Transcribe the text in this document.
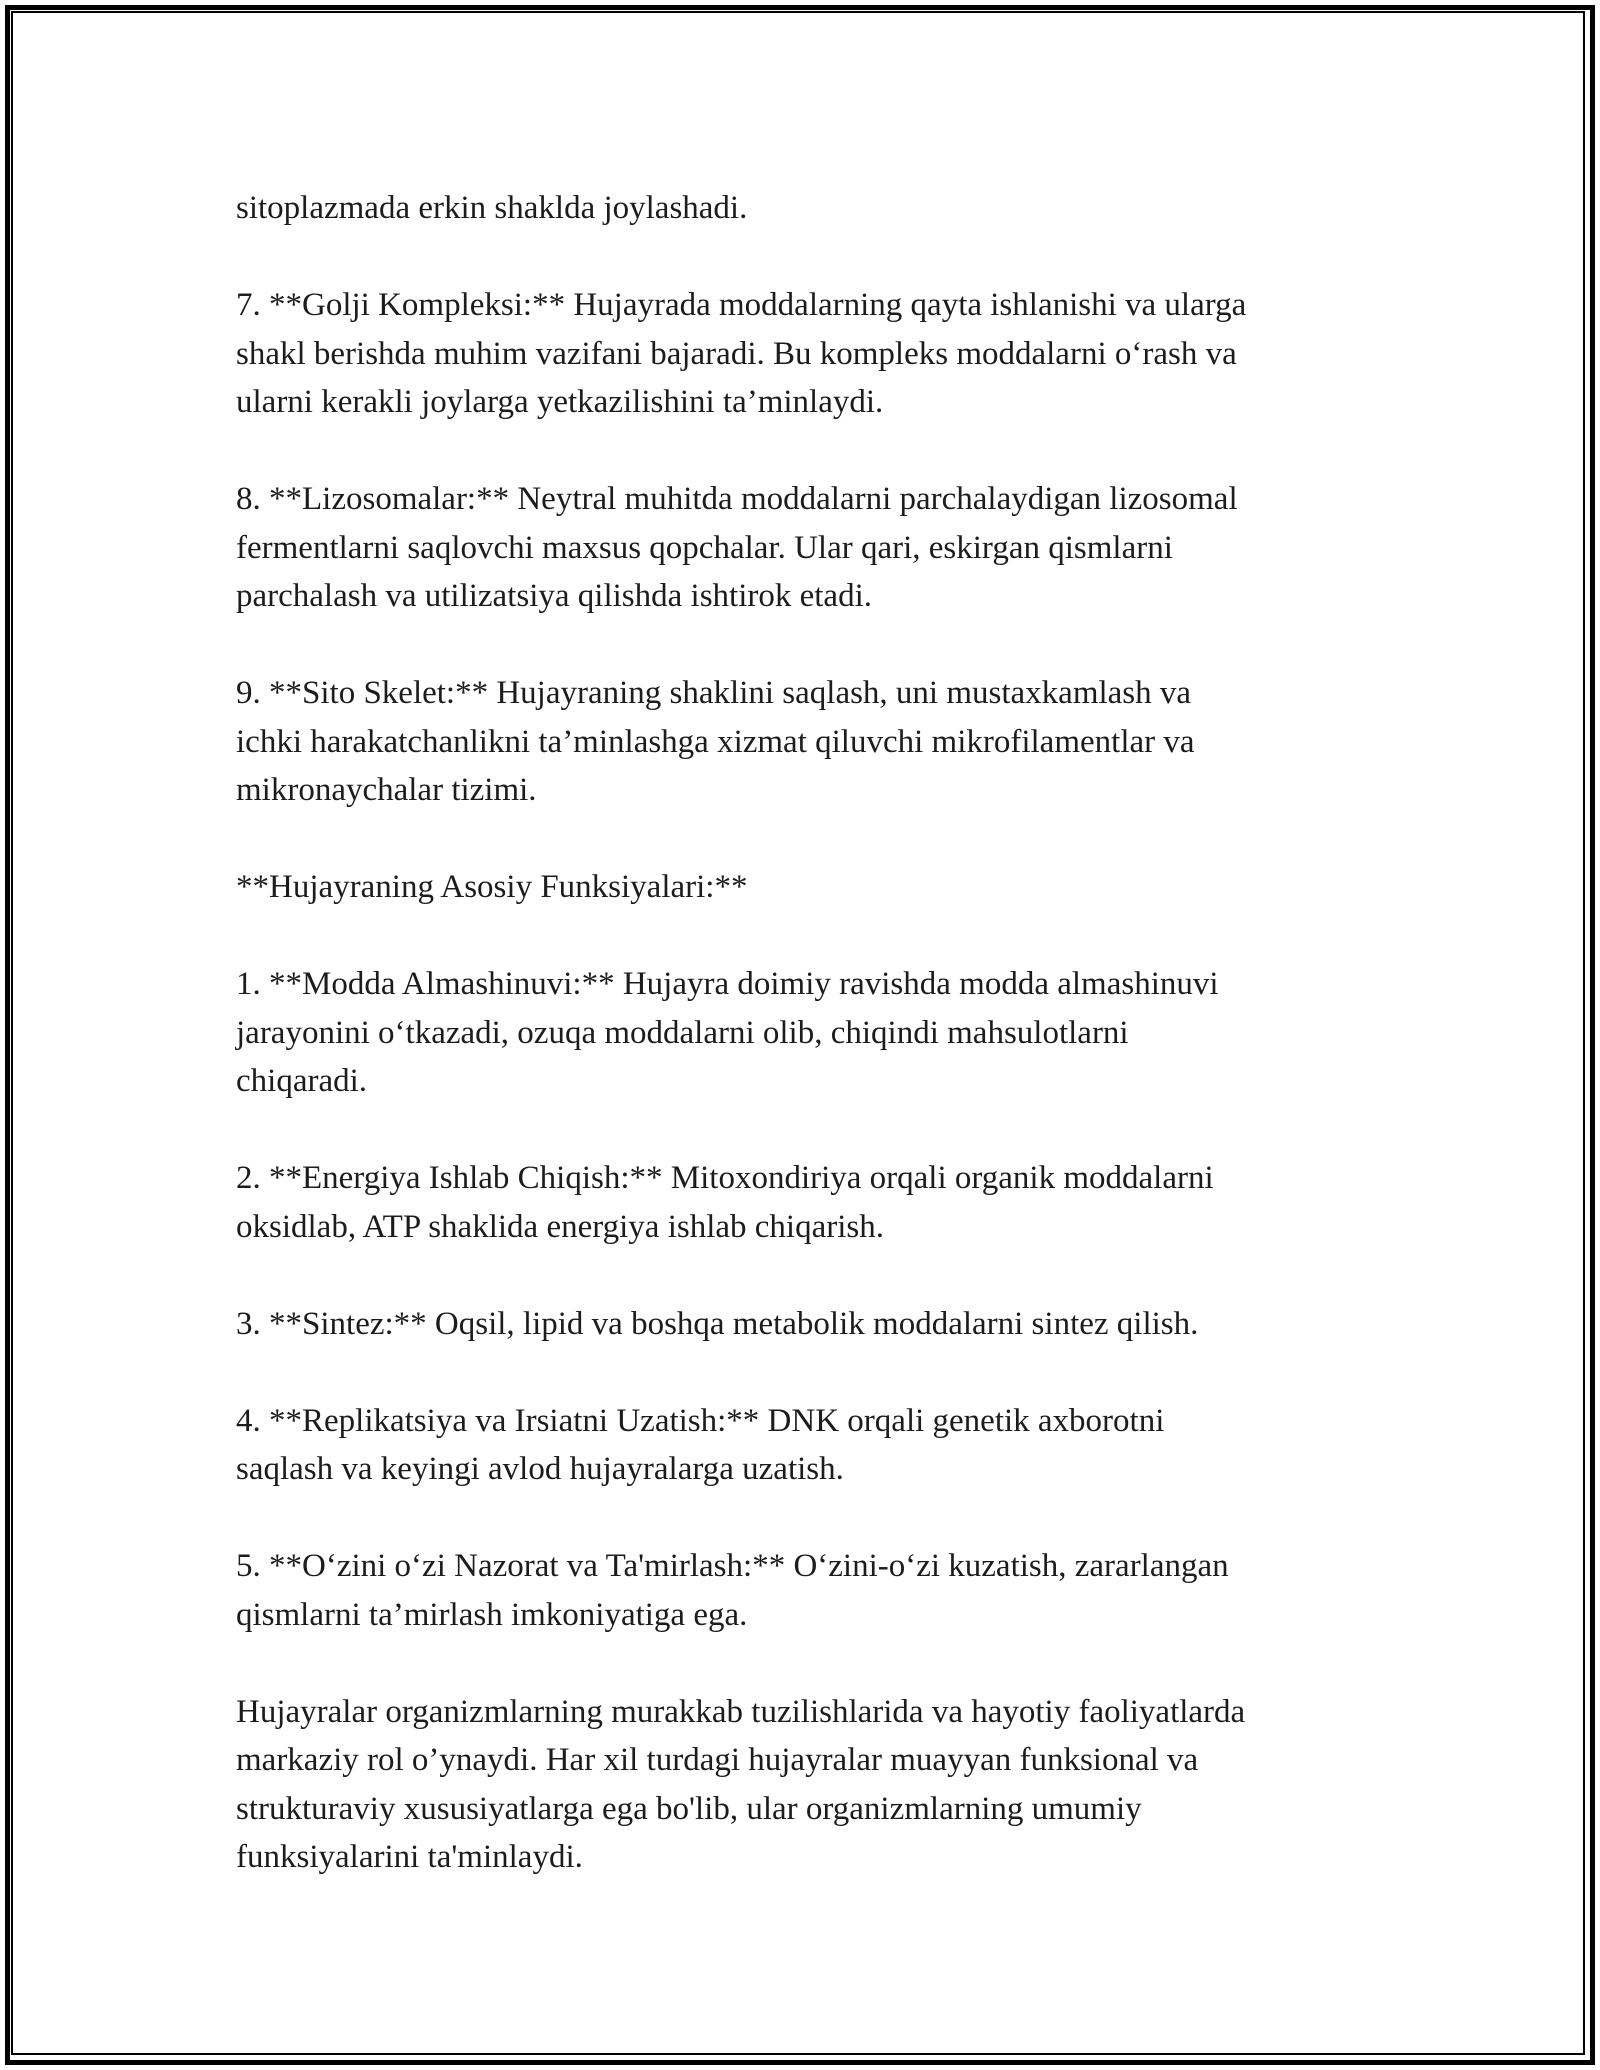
sitoplazmada erkin shaklda joylashadi.

7. **Golji Kompleksi:** Hujayrada moddalarning qayta ishlanishi va ularga
shakl berishda muhim vazifani bajaradi. Bu kompleks moddalarni o‘rash va
ularni kerakli joylarga yetkazilishini ta’minlaydi.

8. **Lizosomalar:** Neytral muhitda moddalarni parchalaydigan lizosomal
fermentlarni saqlovchi maxsus qopchalar. Ular qari, eskirgan qismlarni
parchalash va utilizatsiya qilishda ishtirok etadi.

9. **Sito Skelet:** Hujayraning shaklini saqlash, uni mustaxkamlash va
ichki harakatchanlikni ta’minlashga xizmat qiluvchi mikrofilamentlar va
mikronaychalar tizimi.

**Hujayraning Asosiy Funksiyalari:**

1. **Modda Almashinuvi:** Hujayra doimiy ravishda modda almashinuvi
jarayonini o‘tkazadi, ozuqa moddalarni olib, chiqindi mahsulotlarni
chiqaradi.

2. **Energiya Ishlab Chiqish:** Mitoxondiriya orqali organik moddalarni
oksidlab, ATP shaklida energiya ishlab chiqarish.

3. **Sintez:** Oqsil, lipid va boshqa metabolik moddalarni sintez qilish.

4. **Replikatsiya va Irsiatni Uzatish:** DNK orqali genetik axborotni
saqlash va keyingi avlod hujayralarga uzatish.

5. **O‘zini o‘zi Nazorat va Ta'mirlash:** O‘zini-o‘zi kuzatish, zararlangan
qismlarni ta’mirlash imkoniyatiga ega.

Hujayralar organizmlarning murakkab tuzilishlarida va hayotiy faoliyatlarda
markaziy rol o’ynaydi. Har xil turdagi hujayralar muayyan funksional va
strukturaviy xususiyatlarga ega bo'lib, ular organizmlarning umumiy
funksiyalarini ta'minlaydi.
